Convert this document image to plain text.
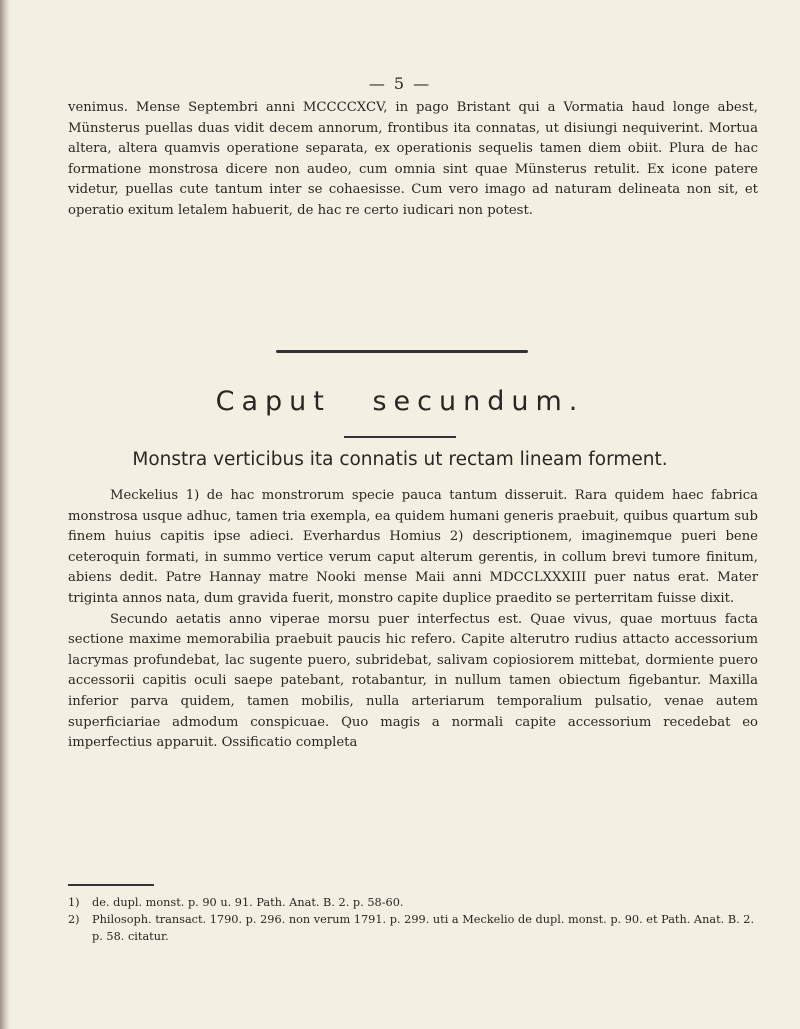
— 5 —

venimus. Mense Septembri anni MCCCCXCV, in pago Bristant qui a Vormatia haud longe abest, Münsterus puellas duas vidit decem annorum, frontibus ita connatas, ut disiungi nequiverint. Mortua altera, altera quamvis operatione separata, ex operationis sequelis tamen diem obiit. Plura de hac formatione monstrosa dicere non audeo, cum omnia sint quae Münsterus retulit. Ex icone patere videtur, puellas cute tantum inter se cohaesisse. Cum vero imago ad naturam delineata non sit, et operatio exitum letalem habuerit, de hac re certo iudicari non potest.

Caput secundum.
Monstra verticibus ita connatis ut rectam lineam forment.

Meckelius 1) de hac monstrorum specie pauca tantum disseruit. Rara quidem haec fabrica monstrosa usque adhuc, tamen tria exempla, ea quidem humani generis praebuit, quibus quartum sub finem huius capitis ipse adieci. Everhardus Homius 2) descriptionem, imaginemque pueri bene ceteroquin formati, in summo vertice verum caput alterum gerentis, in collum brevi tumore finitum, abiens dedit. Patre Hannay matre Nooki mense Maii anni MDCCLXXXIII puer natus erat. Mater triginta annos nata, dum gravida fuerit, monstro capite duplice praedito se perterritam fuisse dixit.

Secundo aetatis anno viperae morsu puer interfectus est. Quae vivus, quae mortuus facta sectione maxime memorabilia praebuit paucis hic refero. Capite alterutro rudius attacto accessorium lacrymas profundebat, lac sugente puero, subridebat, salivam copiosiorem mittebat, dormiente puero accessorii capitis oculi saepe patebant, rotabantur, in nullum tamen obiectum figebantur. Maxilla inferior parva quidem, tamen mobilis, nulla arteriarum temporalium pulsatio, venae autem superficiariae admodum conspicuae. Quo magis a normali capite accessorium recedebat eo imperfectius apparuit. Ossificatio completa

1)	de. dupl. monst. p. 90 u. 91. Path. Anat. B. 2. p. 58-60.
2)	Philosoph. transact. 1790. p. 296. non verum 1791. p. 299. uti a Meckelio de dupl. monst. p. 90. et Path. Anat. B. 2. p. 58. citatur.
